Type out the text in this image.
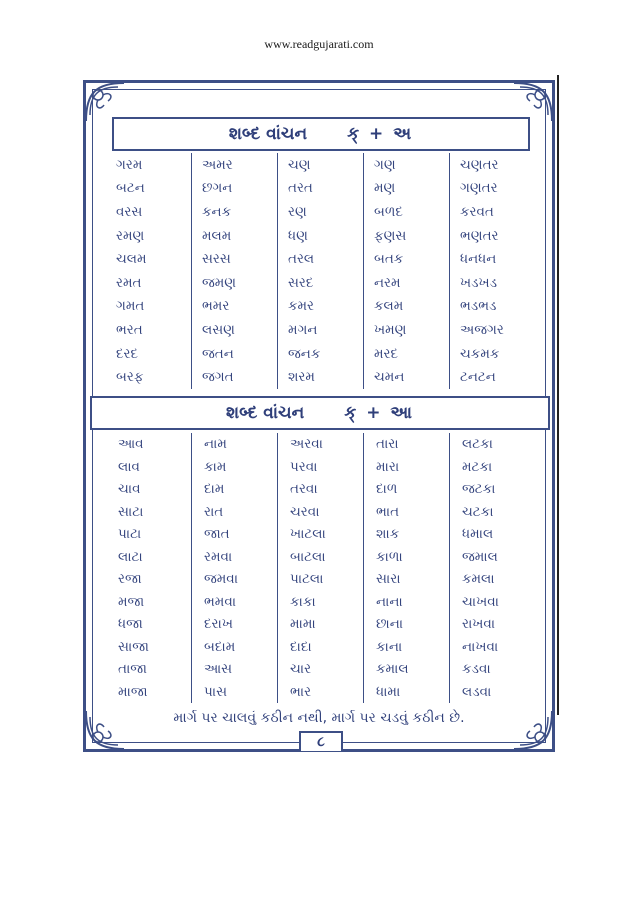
www.readgujarati.com
શબ્દ વાંચન ક્ + અ
ગરમ
બટન
વરસ
રમણ
ચલમ
રમત
ગમત
ભરત
દરદ
બરફ
અમર
છગન
કનક
મલમ
સરસ
જમણ
ભમર
લસણ
જતન
જગત
ચણ
તરત
રણ
ધણ
તરલ
સરદ
કમર
મગન
જનક
શરમ
ગણ
મણ
બળદ
ફણસ
બતક
નરમ
કલમ
ખમણ
મરદ
ચમન
ચણતર
ગણતર
કરવત
ભણતર
ધનધન
ખડખડ
ભડભડ
અજગર
ચકમક
ટનટન
શબ્દ વાંચન ક્ + આ
આવ
લાવ
ચાવ
સાટા
પાટા
લાટા
રજા
મજા
ધજા
સાજા
તાજા
માજા
નામ
કામ
દામ
રાત
જાત
રમવા
જમવા
ભમવા
દરાખ
બદામ
આસ
પાસ
અરવા
પરવા
તરવા
ચરવા
ખાટલા
બાટલા
પાટલા
કાકા
મામા
દાદા
ચાર
ભાર
તારા
મારા
દાળ
ભાત
શાક
કાળા
સારા
નાના
છાના
કાના
કમાલ
ધામા
લટકા
મટકા
જટકા
ચટકા
ધમાલ
જમાલ
કમલા
ચાખવા
રાખવા
નાખવા
કડવા
લડવા
માર્ગ પર ચાલવું કઠીન નથી, માર્ગ પર ચડવું કઠીન છે.
૮
